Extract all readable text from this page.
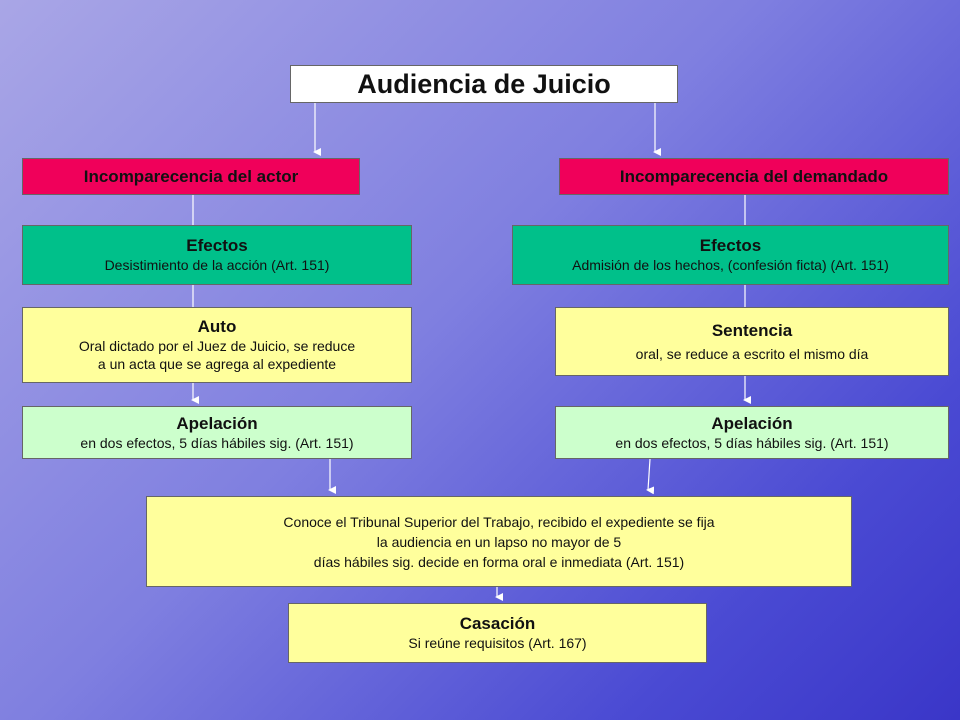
Audiencia de Juicio
Incomparecencia del actor	Incomparecencia del demandado
Efectos
Desistimiento de la acción (Art. 151)
Efectos
Admisión de los hechos, (confesión ficta) (Art. 151)
Auto
Oral dictado por el Juez de Juicio, se reduce
a un acta que se agrega al expediente
Sentencia
oral, se reduce a escrito el mismo día
Apelación
en dos efectos, 5 días hábiles sig. (Art. 151)
Apelación
en dos efectos, 5 días hábiles sig. (Art. 151)
Conoce el Tribunal Superior del Trabajo, recibido el expediente se fija
la audiencia en un lapso no mayor de 5
días hábiles sig. decide en forma oral e inmediata (Art. 151)
Casación
Si reúne requisitos (Art. 167)
